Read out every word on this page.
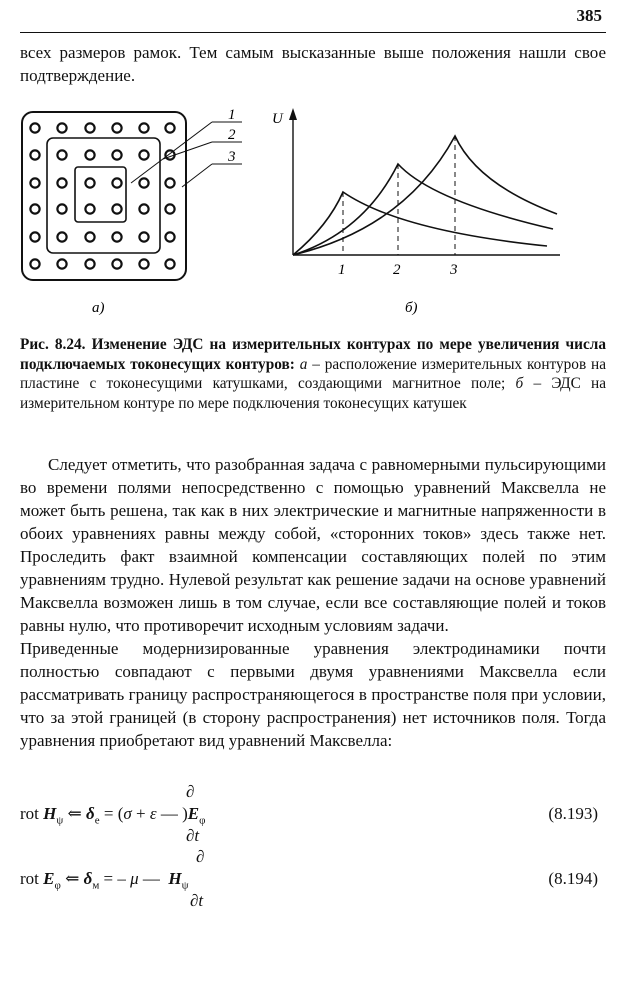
385

всех размеров рамок. Тем самым высказанные выше положения нашли свое подтверждение.

1
2
3
U
1	2	3
а)	б)

Рис. 8.24. Изменение ЭДС на измерительных контурах по мере увеличения числа подключаемых токонесущих контуров: а – расположение измерительных контуров на пластине с токонесущими катушками, создающими магнитное поле; б – ЭДС на измерительном контуре по мере подключения токонесущих катушек

Следует отметить, что разобранная задача с равномерными пульсирующими во времени полями непосредственно с помощью уравнений Максвелла не может быть решена, так как в них электрические и магнитные напряженности в обоих уравнениях равны между собой, «сторонних токов» здесь также нет. Проследить факт взаимной компенсации составляющих полей по этим уравнениям трудно. Нулевой результат как решение задачи на основе уравнений Максвелла возможен лишь в том случае, если все составляющие полей и токов равны нулю, что противоречит исходным условиям задачи.

Приведенные модернизированные уравнения электродинамики почти полностью совпадают с первыми двумя уравнениями Максвелла если рассматривать границу распространяющегося в пространстве поля при условии, что за этой границей (в сторону распространения) нет источников поля. Тогда уравнения приобретают вид уравнений Максвелла:

∂
rot $H_\psi$ ⇐ $\delta_е = (\sigma + \varepsilon$ — )$E_\varphi$
∂t
(8.193)
∂
rot $E_\varphi$ ⇐ $\delta_м$ = – μ — $H_\psi$
∂t
(8.194)
